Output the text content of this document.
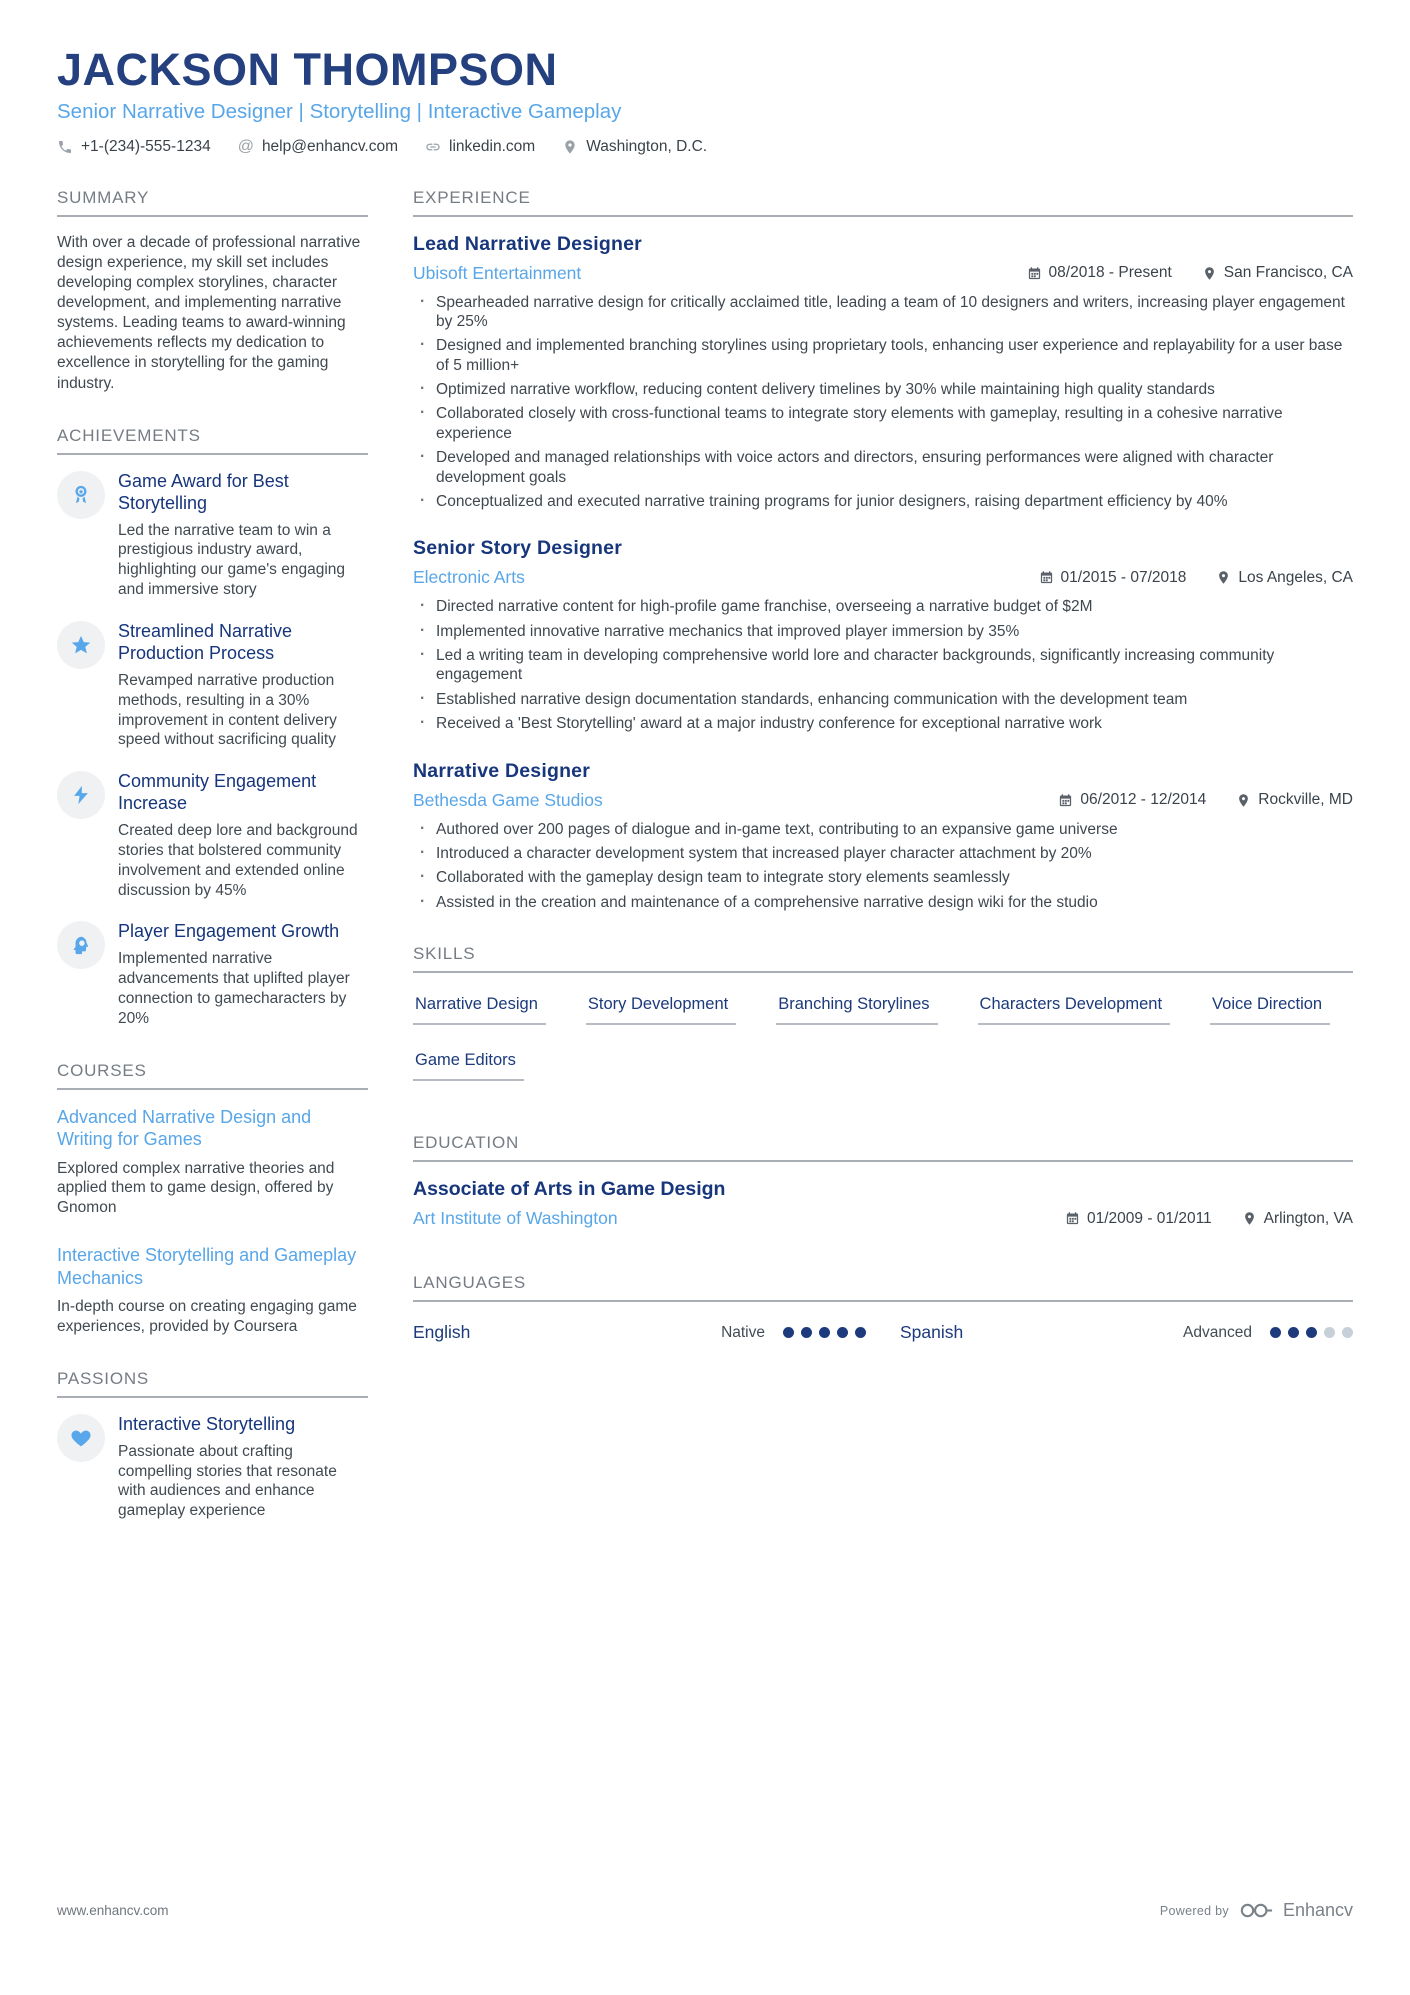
JACKSON THOMPSON
Senior Narrative Designer | Storytelling | Interactive Gameplay
+1-(234)-555-1234 @ help@enhancv.com	linkedin.com	Washington, D.C.
SUMMARY

With over a decade of professional narrative design experience, my skill set includes developing complex storylines, character development, and implementing narrative systems. Leading teams to award-winning achievements reflects my dedication to excellence in storytelling for the gaming industry.

ACHIEVEMENTS
Game Award for Best Storytelling

Led the narrative team to win a prestigious industry award, highlighting our game's engaging and immersive story

Streamlined Narrative Production Process

Revamped narrative production methods, resulting in a 30% improvement in content delivery speed without sacrificing quality

Community Engagement Increase

Created deep lore and background stories that bolstered community involvement and extended online discussion by 45%

Player Engagement Growth

Implemented narrative advancements that uplifted player connection to gamecharacters by 20%

COURSES
Advanced Narrative Design and Writing for Games

Explored complex narrative theories and applied them to game design, offered by Gnomon

Interactive Storytelling and Gameplay Mechanics

In-depth course on creating engaging game experiences, provided by Coursera

PASSIONS
Interactive Storytelling

Passionate about crafting compelling stories that resonate with audiences and enhance gameplay experience

EXPERIENCE
Lead Narrative Designer
Ubisoft Entertainment	08/2018 - Present	San Francisco, CA
· Spearheaded narrative design for critically acclaimed title, leading a team of 10 designers and writers, increasing player engagement by 25%
· Designed and implemented branching storylines using proprietary tools, enhancing user experience and replayability for a user base of 5 million+
· Optimized narrative workflow, reducing content delivery timelines by 30% while maintaining high quality standards
· Collaborated closely with cross-functional teams to integrate story elements with gameplay, resulting in a cohesive narrative experience
· Developed and managed relationships with voice actors and directors, ensuring performances were aligned with character development goals
· Conceptualized and executed narrative training programs for junior designers, raising department efficiency by 40%
Senior Story Designer
Electronic Arts	01/2015 - 07/2018	Los Angeles, CA
· Directed narrative content for high-profile game franchise, overseeing a narrative budget of $2M
· Implemented innovative narrative mechanics that improved player immersion by 35%
· Led a writing team in developing comprehensive world lore and character backgrounds, significantly increasing community engagement
· Established narrative design documentation standards, enhancing communication with the development team
· Received a 'Best Storytelling' award at a major industry conference for exceptional narrative work
Narrative Designer
Bethesda Game Studios	06/2012 - 12/2014	Rockville, MD
· Authored over 200 pages of dialogue and in-game text, contributing to an expansive game universe
· Introduced a character development system that increased player character attachment by 20%
· Collaborated with the gameplay design team to integrate story elements seamlessly
· Assisted in the creation and maintenance of a comprehensive narrative design wiki for the studio
SKILLS
Narrative Design	Story Development	Branching Storylines	Characters Development	Voice Direction
Game Editors
EDUCATION
Associate of Arts in Game Design
Art Institute of Washington	01/2009 - 01/2011	Arlington, VA
LANGUAGES
English	Native	Spanish	Advanced
www.enhancv.com	Powered by	Enhancv
